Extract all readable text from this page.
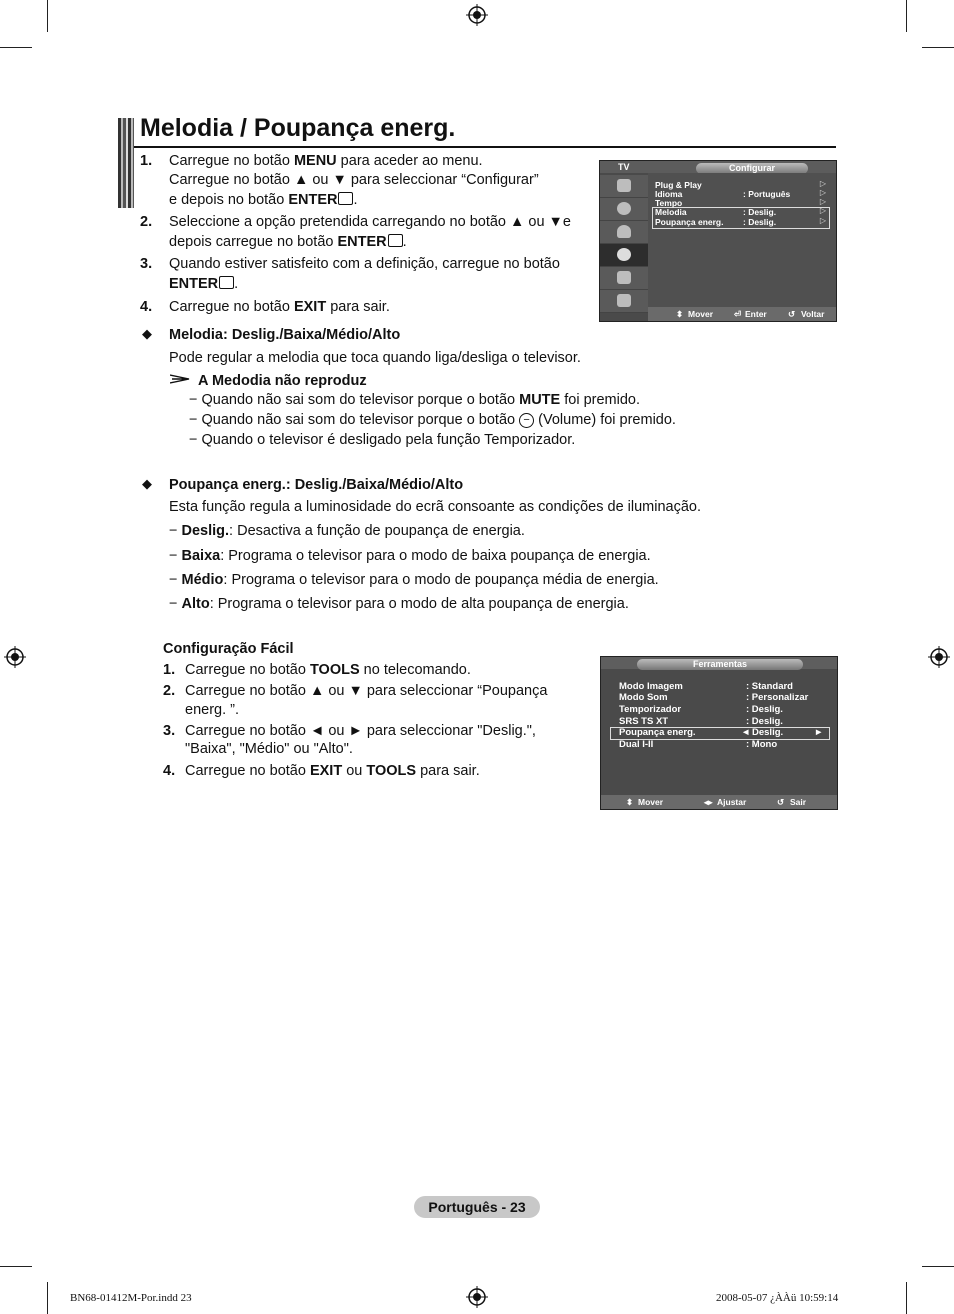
Melodia / Poupança energ.
1. Carregue no botão MENU para aceder ao menu.
Carregue no botão ▲ ou ▼ para seleccionar “Configurar”
e depois no botão ENTER .
2. Seleccione a opção pretendida carregando no botão ▲ ou ▼e
depois carregue no botão ENTER .
3. Quando estiver satisfeito com a definição, carregue no botão
ENTER .
4. Carregue no botão EXIT para sair.
◆ Melodia: Deslig./Baixa/Médio/Alto
Pode regular a melodia que toca quando liga/desliga o televisor.
A Medodia não reproduz
− Quando não sai som do televisor porque o botão MUTE foi premido.
− Quando não sai som do televisor porque o botão − (Volume) foi premido.
− Quando o televisor é desligado pela função Temporizador.
◆ Poupança energ.: Deslig./Baixa/Médio/Alto
Esta função regula a luminosidade do ecrã consoante as condições de iluminação.
− Deslig.: Desactiva a função de poupança de energia.
− Baixa: Programa o televisor para o modo de baixa poupança de energia.
− Médio: Programa o televisor para o modo de poupança média de energia.
− Alto: Programa o televisor para o modo de alta poupança de energia.
Configuração Fácil
1. Carregue no botão TOOLS no telecomando.
2. Carregue no botão ▲ ou ▼ para seleccionar “Poupança
energ. ”.
3. Carregue no botão ◄ ou ► para seleccionar "Deslig.",
"Baixa", "Médio" ou "Alto".
4. Carregue no botão EXIT ou TOOLS para sair.
TV	Configurar
Plug & Play
Idioma	: Português
Tempo
Melodia	: Deslig.
Poupança energ. : Deslig.
▷
▷
▷
▷
▷
⬍ Mover ⏎ Enter	↺ Voltar
Ferramentas
Modo Imagem	: Standard
Modo Som	: Personalizar
Temporizador	: Deslig.
SRS TS XT	: Deslig.
Poupança energ.	◄ Deslig.	►
Dual I-II	: Mono
⬍ Mover	◂▸ Ajustar	↺ Sair
Português - 23
BN68-01412M-Por.indd 23	2008-05-07 ¿ÀÀü 10:59:14
